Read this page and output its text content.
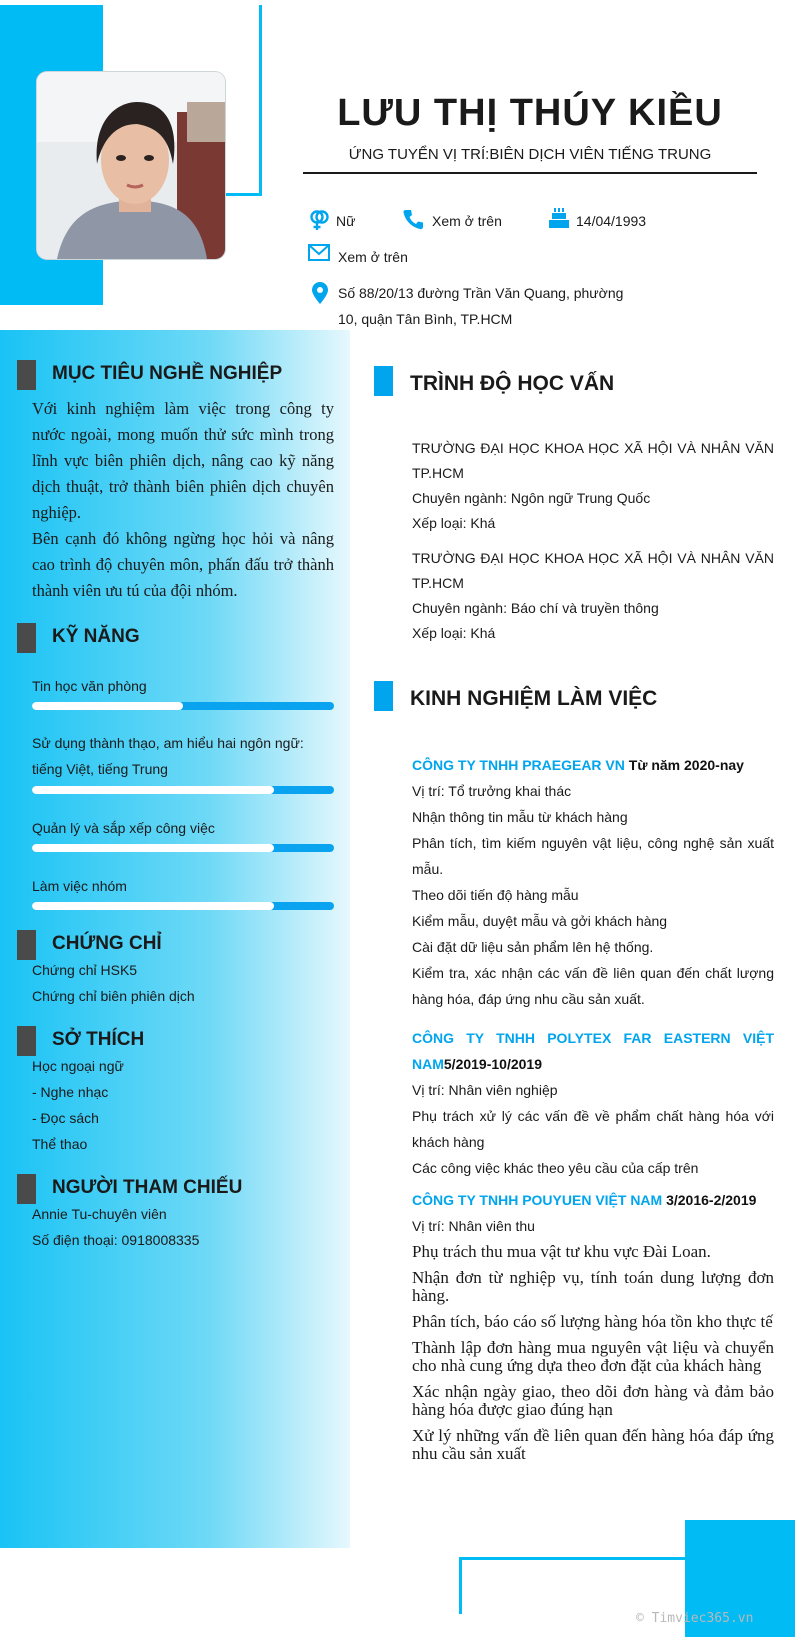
LƯU THỊ THÚY KIỀU
ỨNG TUYỂN VỊ TRÍ:BIÊN DỊCH VIÊN TIẾNG TRUNG
Nữ	Xem ở trên	14/04/1993
Xem ở trên
Số 88/20/13 đường Trần Văn Quang, phường
10, quận Tân Bình, TP.HCM
MỤC TIÊU NGHỀ NGHIỆP
Với kinh nghiệm làm việc trong công ty nước ngoài, mong muốn thử sức mình trong lĩnh vực biên phiên dịch, nâng cao kỹ năng dịch thuật, trở thành biên phiên dịch chuyên nghiệp.
Bên cạnh đó không ngừng học hỏi và nâng cao trình độ chuyên môn, phấn đấu trở thành thành viên ưu tú của đội nhóm.
KỸ NĂNG
Tin học văn phòng
Sử dụng thành thạo, am hiểu hai ngôn ngữ: tiếng Việt, tiếng Trung
Quản lý và sắp xếp công việc
Làm việc nhóm
CHỨNG CHỈ
Chứng chỉ HSK5
Chứng chỉ biên phiên dịch
SỞ THÍCH
Học ngoại ngữ
- Nghe nhạc
- Đọc sách
Thể thao
NGƯỜI THAM CHIẾU
Annie Tu-chuyên viên
Số điện thoại: 0918008335
TRÌNH ĐỘ HỌC VẤN
TRƯỜNG ĐẠI HỌC KHOA HỌC XÃ HỘI VÀ NHÂN VĂN TP.HCM
Chuyên ngành: Ngôn ngữ Trung Quốc
Xếp loại: Khá
TRƯỜNG ĐẠI HỌC KHOA HỌC XÃ HỘI VÀ NHÂN VĂN TP.HCM
Chuyên ngành: Báo chí và truyền thông
Xếp loại: Khá
KINH NGHIỆM LÀM VIỆC

CÔNG TY TNHH PRAEGEAR VN Từ năm 2020-nay

Vị trí: Tổ trưởng khai thác

Nhận thông tin mẫu từ khách hàng

Phân tích, tìm kiếm nguyên vật liệu, công nghệ sản xuất mẫu.

Theo dõi tiến độ hàng mẫu

Kiểm mẫu, duyệt mẫu và gởi khách hàng

Cài đặt dữ liệu sản phẩm lên hệ thống.

Kiểm tra, xác nhận các vấn đề liên quan đến chất lượng hàng hóa, đáp ứng nhu cầu sản xuất.

CÔNG TY TNHH POLYTEX FAR EASTERN VIỆT NAM5/2019-10/2019

Vị trí: Nhân viên nghiệp

Phụ trách xử lý các vấn đề về phẩm chất hàng hóa với khách hàng

Các công việc khác theo yêu cầu của cấp trên

CÔNG TY TNHH POUYUEN VIỆT NAM 3/2016-2/2019

Vị trí: Nhân viên thu

Phụ trách thu mua vật tư khu vực Đài Loan.

Nhận đơn từ nghiệp vụ, tính toán dung lượng đơn hàng.

Phân tích, báo cáo số lượng hàng hóa tồn kho thực tế

Thành lập đơn hàng mua nguyên vật liệu và chuyển cho nhà cung ứng dựa theo đơn đặt của khách hàng

Xác nhận ngày giao, theo dõi đơn hàng và đảm bảo hàng hóa được giao đúng hạn

Xử lý những vấn đề liên quan đến hàng hóa đáp ứng nhu cầu sản xuất

© Timviec365.vn
